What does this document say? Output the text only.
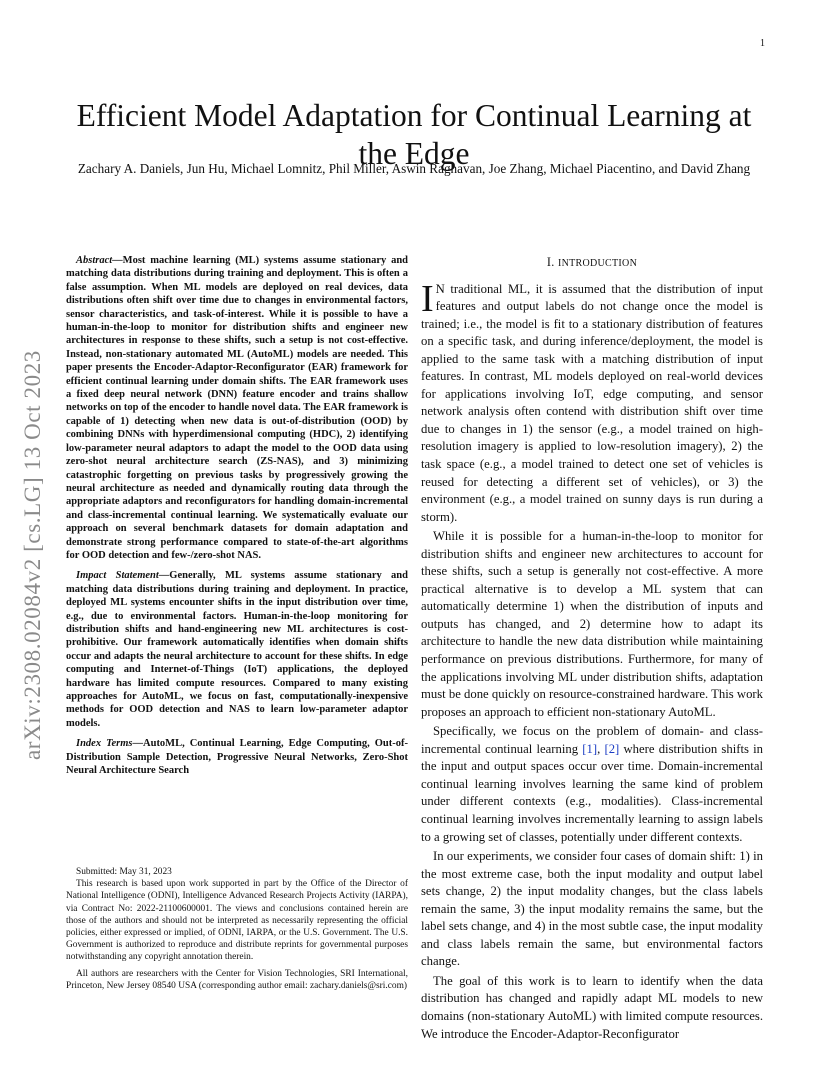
1
arXiv:2308.02084v2 [cs.LG] 13 Oct 2023
Efficient Model Adaptation for Continual Learning at the Edge
Zachary A. Daniels, Jun Hu, Michael Lomnitz, Phil Miller, Aswin Raghavan, Joe Zhang, Michael Piacentino, and David Zhang

Abstract—Most machine learning (ML) systems assume stationary and matching data distributions during training and deployment. This is often a false assumption. When ML models are deployed on real devices, data distributions often shift over time due to changes in environmental factors, sensor characteristics, and task-of-interest. While it is possible to have a human-in-the-loop to monitor for distribution shifts and engineer new architectures in response to these shifts, such a setup is not cost-effective. Instead, non-stationary automated ML (AutoML) models are needed. This paper presents the Encoder-Adaptor-Reconfigurator (EAR) framework for efficient continual learning under domain shifts. The EAR framework uses a fixed deep neural network (DNN) feature encoder and trains shallow networks on top of the encoder to handle novel data. The EAR framework is capable of 1) detecting when new data is out-of-distribution (OOD) by combining DNNs with hyperdimensional computing (HDC), 2) identifying low-parameter neural adaptors to adapt the model to the OOD data using zero-shot neural architecture search (ZS-NAS), and 3) minimizing catastrophic forgetting on previous tasks by progressively growing the neural architecture as needed and dynamically routing data through the appropriate adaptors and reconfigurators for handling domain-incremental and class-incremental continual learning. We systematically evaluate our approach on several benchmark datasets for domain adaptation and demonstrate strong performance compared to state-of-the-art algorithms for OOD detection and few-/zero-shot NAS.

Impact Statement—Generally, ML systems assume stationary and matching data distributions during training and deployment. In practice, deployed ML systems encounter shifts in the input distribution over time, e.g., due to environmental factors. Human-in-the-loop monitoring for distribution shifts and hand-engineering new ML architectures is cost-prohibitive. Our framework automatically identifies when domain shifts occur and adapts the neural architecture to account for these shifts. In edge computing and Internet-of-Things (IoT) applications, the deployed hardware has limited compute resources. Compared to many existing approaches for AutoML, we focus on fast, computationally-inexpensive methods for OOD detection and NAS to learn low-parameter adaptor models.

Index Terms—AutoML, Continual Learning, Edge Computing, Out-of-Distribution Sample Detection, Progressive Neural Networks, Zero-Shot Neural Architecture Search

Submitted: May 31, 2023

This research is based upon work supported in part by the Office of the Director of National Intelligence (ODNI), Intelligence Advanced Research Projects Activity (IARPA), via Contract No: 2022-21100600001. The views and conclusions contained herein are those of the authors and should not be interpreted as necessarily representing the official policies, either expressed or implied, of ODNI, IARPA, or the U.S. Government. The U.S. Government is authorized to reproduce and distribute reprints for governmental purposes notwithstanding any copyright annotation therein.

All authors are researchers with the Center for Vision Technologies, SRI International, Princeton, New Jersey 08540 USA (corresponding author email: zachary.daniels@sri.com)

I. INTRODUCTION

I N traditional ML, it is assumed that the distribution of input features and output labels do not change once the model is trained; i.e., the model is fit to a stationary distribution of features on a specific task, and during inference/deployment, the model is applied to the same task with a matching distribution of input features. In contrast, ML models deployed on real-world devices for applications involving IoT, edge computing, and sensor network analysis often contend with distribution shift over time due to changes in 1) the sensor (e.g., a model trained on high-resolution imagery is applied to low-resolution imagery), 2) the task space (e.g., a model trained to detect one set of vehicles is reused for detecting a different set of vehicles), or 3) the environment (e.g., a model trained on sunny days is run during a storm).

While it is possible for a human-in-the-loop to monitor for distribution shifts and engineer new architectures to account for these shifts, such a setup is generally not cost-effective. A more practical alternative is to develop a ML system that can automatically determine 1) when the distribution of inputs and outputs has changed, and 2) determine how to adapt its architecture to handle the new data distribution while maintaining performance on previous distributions. Furthermore, for many of the applications involving ML under distribution shifts, adaptation must be done quickly on resource-constrained hardware. This work proposes an approach to efficient non-stationary AutoML.

Specifically, we focus on the problem of domain- and class-incremental continual learning [1], [2] where distribution shifts in the input and output spaces occur over time. Domain-incremental continual learning involves learning the same kind of problem under different contexts (e.g., modalities). Class-incremental continual learning involves incrementally learning to assign labels to a growing set of classes, potentially under different contexts.

In our experiments, we consider four cases of domain shift: 1) in the most extreme case, both the input modality and output label sets change, 2) the input modality changes, but the class labels remain the same, 3) the input modality remains the same, but the label sets change, and 4) in the most subtle case, the input modality and class labels remain the same, but environmental factors change.

The goal of this work is to learn to identify when the data distribution has changed and rapidly adapt ML models to new domains (non-stationary AutoML) with limited compute resources. We introduce the Encoder-Adaptor-Reconfigurator
